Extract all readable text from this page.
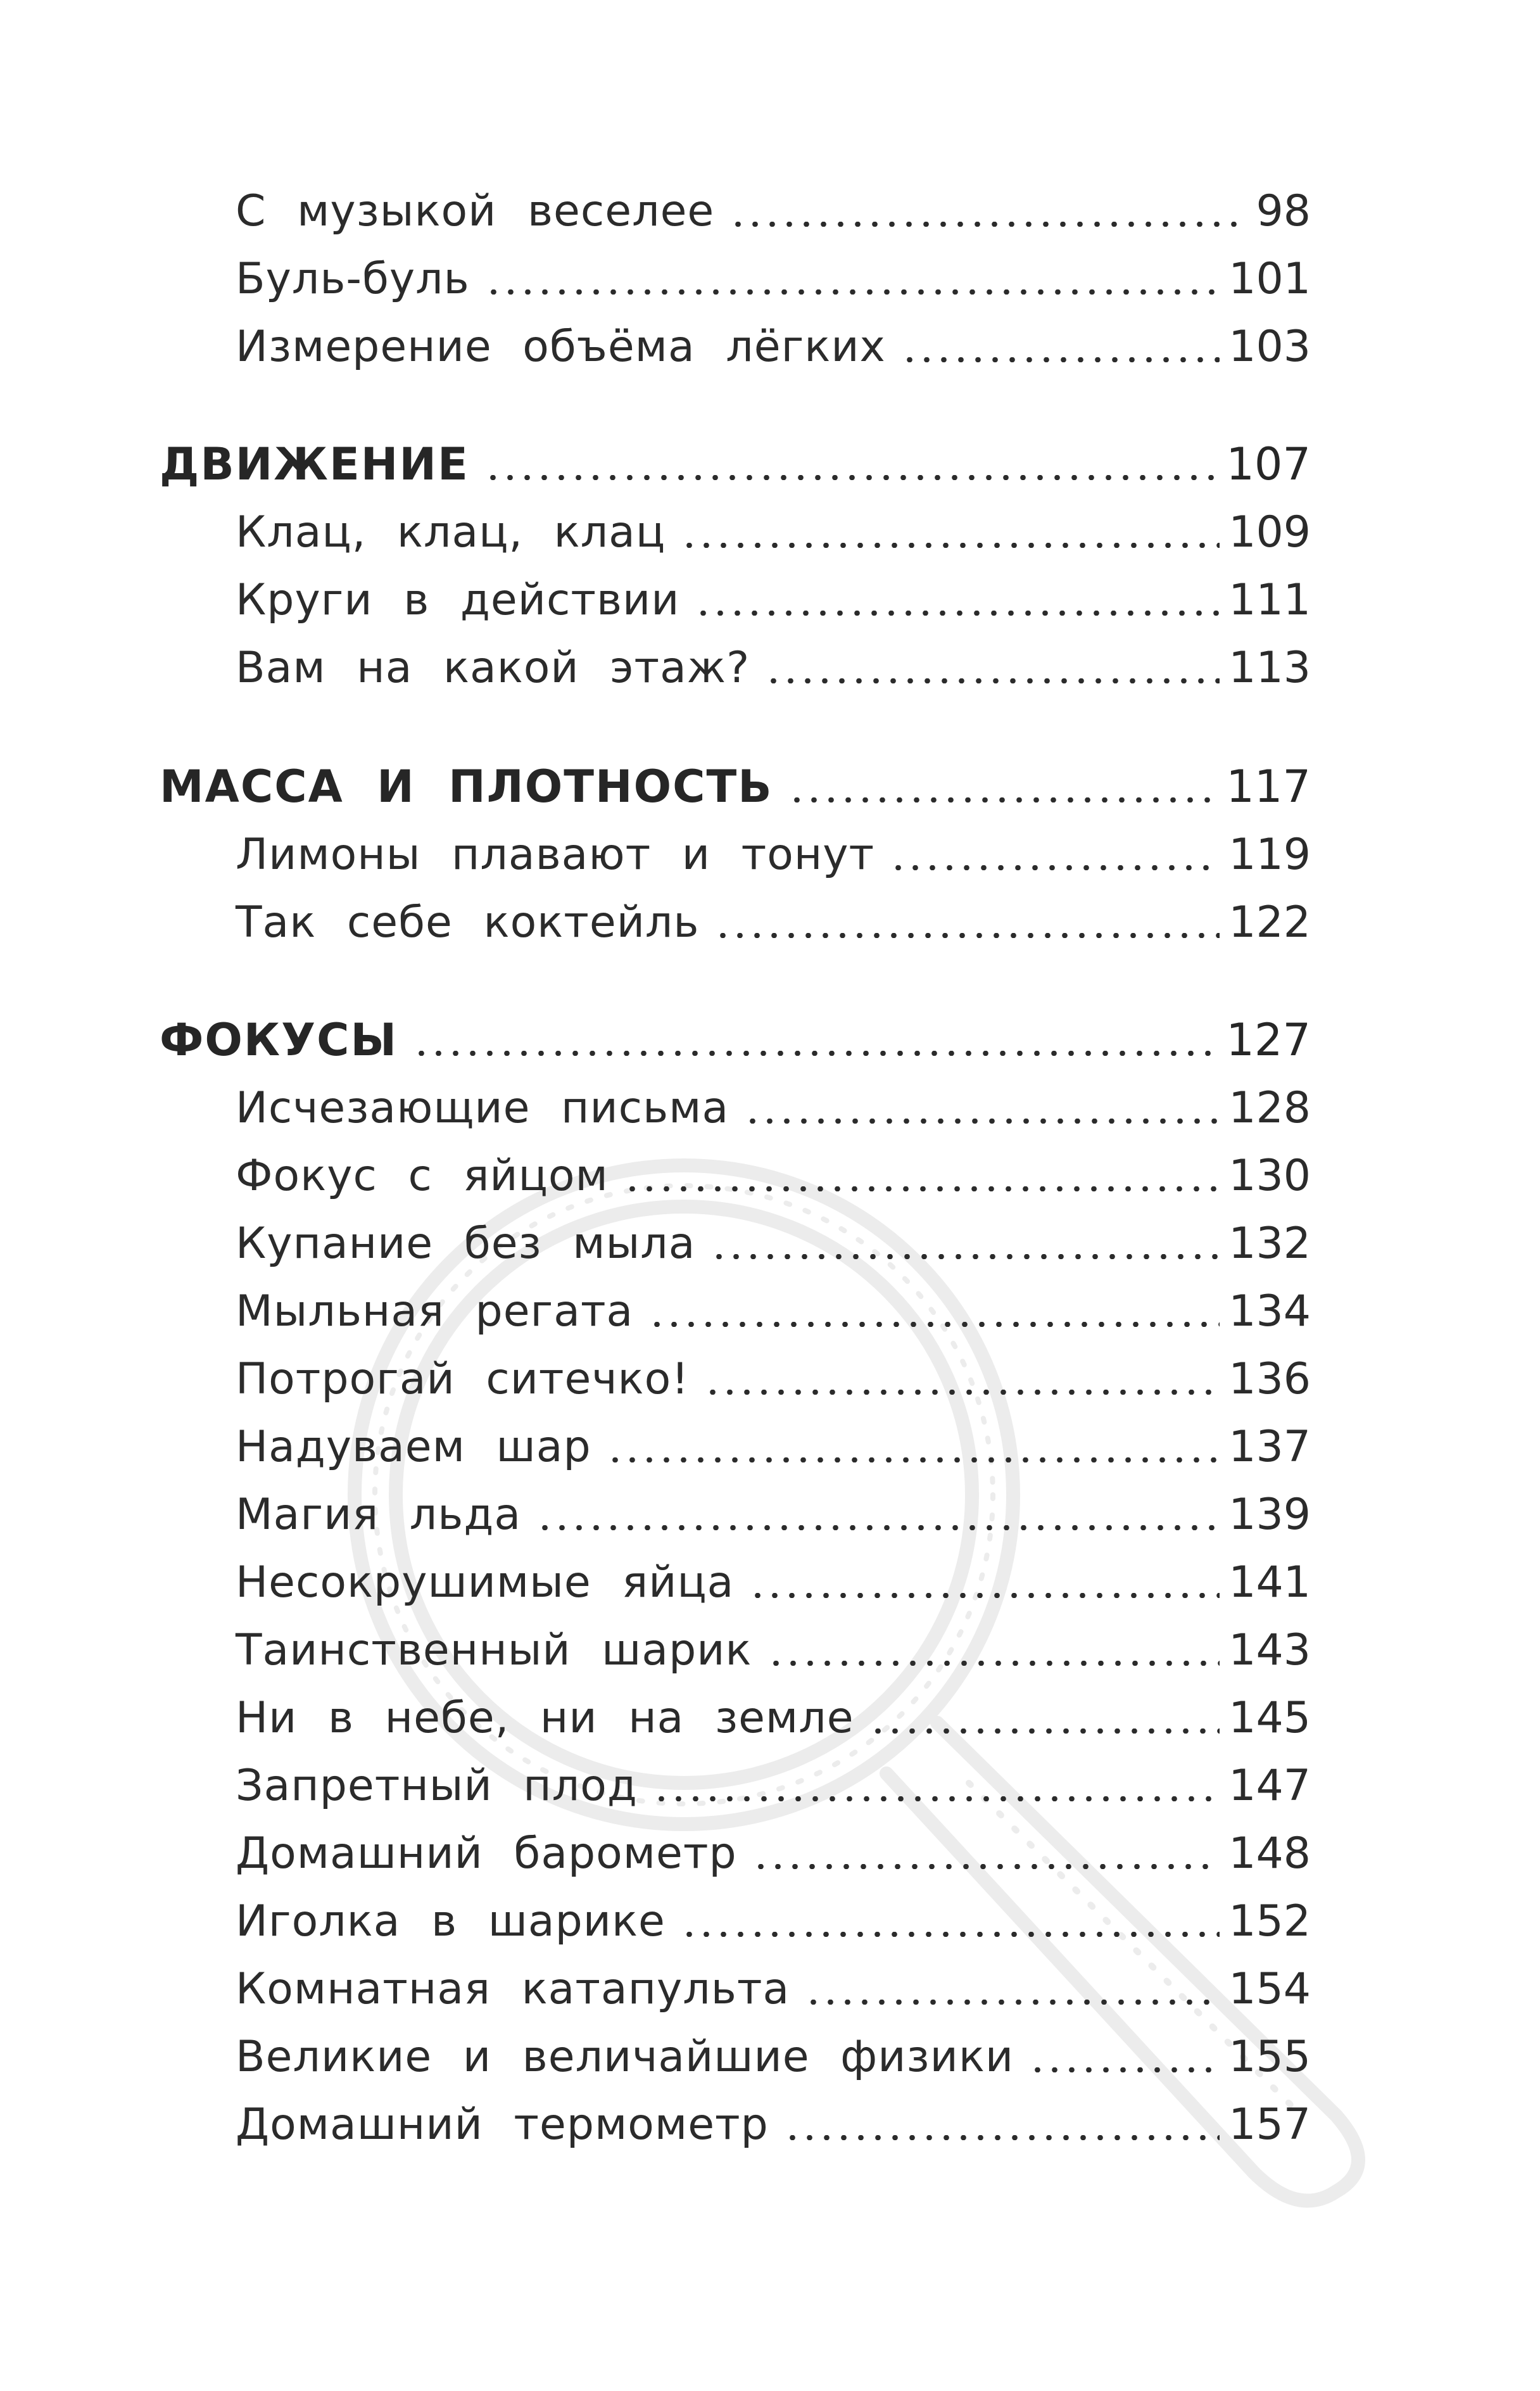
С музыкой веселее	98
Буль-буль	101
Измерение объёма лёгких	103
ДВИЖЕНИЕ	107
Клац, клац, клац	109
Круги в действии	111
Вам на какой этаж?	113
МАССА И ПЛОТНОСТЬ	117
Лимоны плавают и тонут	119
Так себе коктейль	122
ФОКУСЫ	127
Исчезающие письма	128
Фокус с яйцом	130
Купание без мыла	132
Мыльная регата	134
Потрогай ситечко!	136
Надуваем шар	137
Магия льда	139
Несокрушимые яйца	141
Таинственный шарик	143
Ни в небе, ни на земле	145
Запретный плод	147
Домашний барометр	148
Иголка в шарике	152
Комнатная катапульта	154
Великие и величайшие физики	155
Домашний термометр	157
